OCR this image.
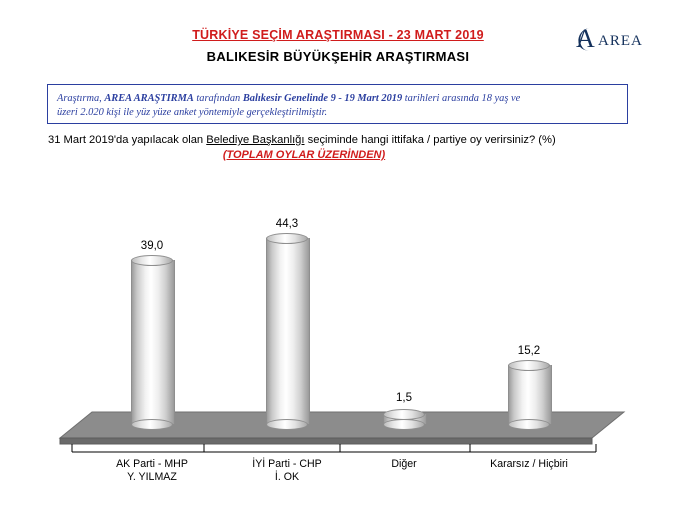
TÜRKİYE SEÇİM ARAŞTIRMASI - 23 MART 2019
BALIKESİR BÜYÜKŞEHİR ARAŞTIRMASI
A AREA
Araştırma, AREA ARAŞTIRMA tarafından Balıkesir Genelinde 9 - 19 Mart 2019 tarihleri arasında 18 yaş ve
üzeri 2.020 kişi ile yüz yüze anket yöntemiyle gerçekleştirilmiştir.
31 Mart 2019'da yapılacak olan Belediye Başkanlığı seçiminde hangi ittifaka / partiye oy verirsiniz? (%)
(TOPLAM OYLAR ÜZERİNDEN)
39,0
44,3
1,5
15,2
AK Parti - MHP
Y. YILMAZ
İYİ Parti - CHP
İ. OK
Diğer	Kararsız / Hiçbiri
